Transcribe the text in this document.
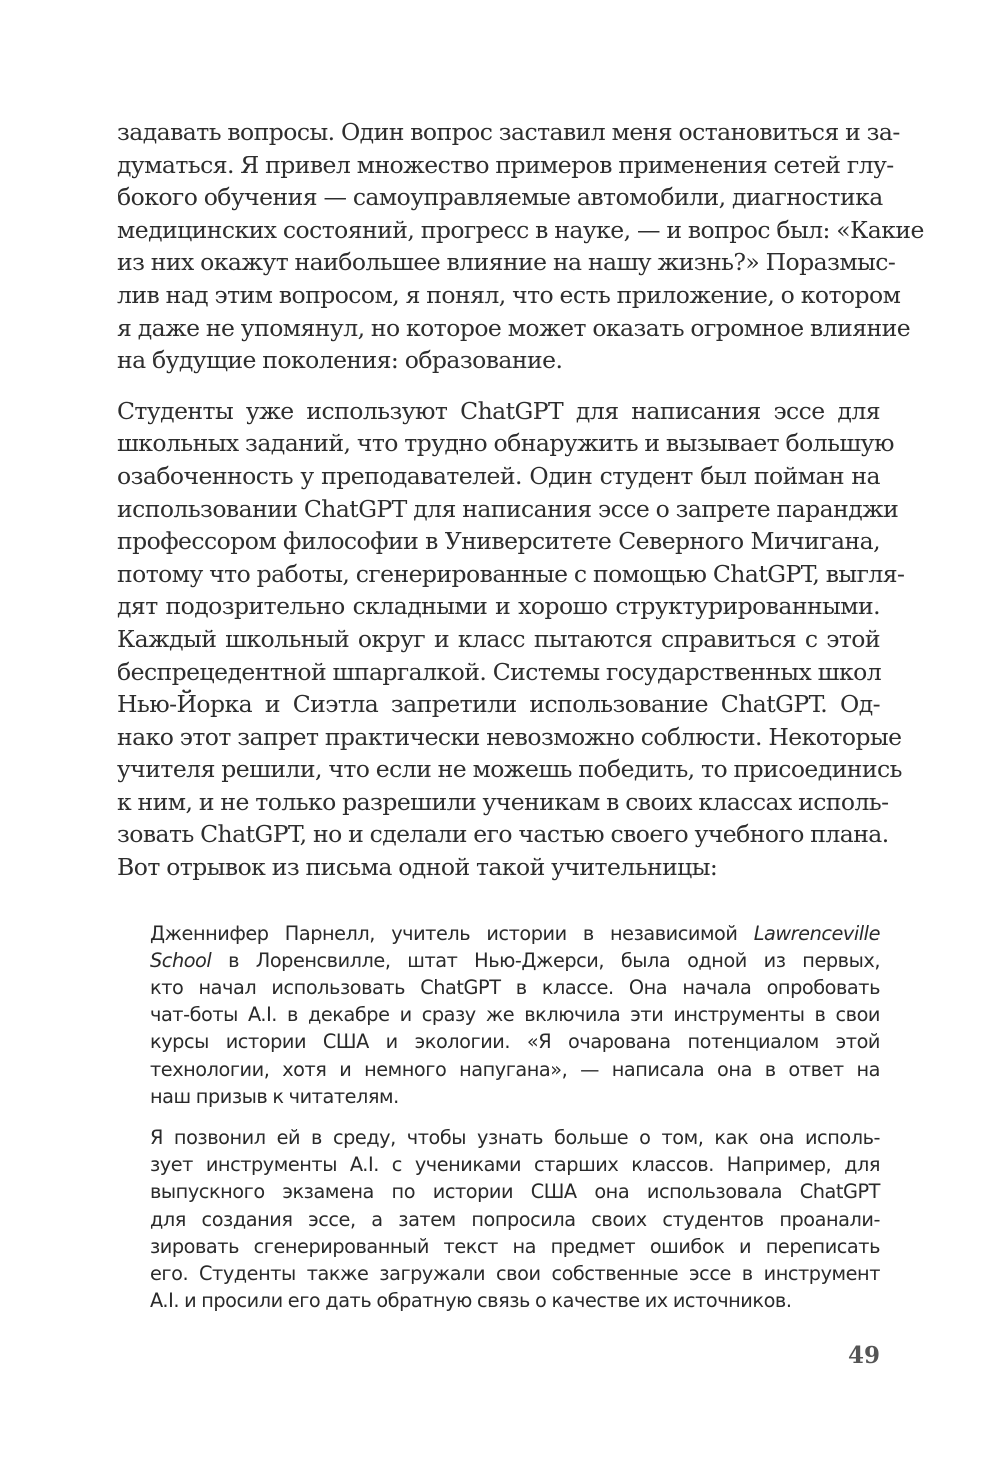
задавать вопросы. Один вопрос заставил меня остановиться и за-
думаться. Я привел множество примеров применения сетей глу-
бокого обучения — самоуправляемые автомобили, диагностика
медицинских состояний, прогресс в науке, — и вопрос был: «Какие
из них окажут наибольшее влияние на нашу жизнь?» Поразмыс-
лив над этим вопросом, я понял, что есть приложение, о котором
я даже не упомянул, но которое может оказать огромное влияние
на будущие поколения: образование.

Студенты уже используют ChatGPT для написания эссе для
школьных заданий, что трудно обнаружить и вызывает большую
озабоченность у преподавателей. Один студент был пойман на
использовании ChatGPT для написания эссе о запрете паранджи
профессором философии в Университете Северного Мичигана,
потому что работы, сгенерированные с помощью ChatGPT, выгля-
дят подозрительно складными и хорошо структурированными.
Каждый школьный округ и класс пытаются справиться с этой
беспрецедентной шпаргалкой. Системы государственных школ
Нью-Йорка и Сиэтла запретили использование ChatGPT. Од-
нако этот запрет практически невозможно соблюсти. Некоторые
учителя решили, что если не можешь победить, то присоединись
к ним, и не только разрешили ученикам в своих классах исполь-
зовать ChatGPT, но и сделали его частью своего учебного плана.
Вот отрывок из письма одной такой учительницы:

Дженнифер Парнелл, учитель истории в независимой Lawrenceville
School в Лоренсвилле, штат Нью-Джерси, была одной из первых,
кто начал использовать ChatGPT в классе. Она начала опробовать
чат-боты A.I. в декабре и сразу же включила эти инструменты в свои
курсы истории США и экологии. «Я очарована потенциалом этой
технологии, хотя и немного напугана», — написала она в ответ на
наш призыв к читателям.

Я позвонил ей в среду, чтобы узнать больше о том, как она исполь-
зует инструменты A.I. с учениками старших классов. Например, для
выпускного экзамена по истории США она использовала ChatGPT
для создания эссе, а затем попросила своих студентов проанали-
зировать сгенерированный текст на предмет ошибок и переписать
его. Студенты также загружали свои собственные эссе в инструмент
A.I. и просили его дать обратную связь о качестве их источников.

49
